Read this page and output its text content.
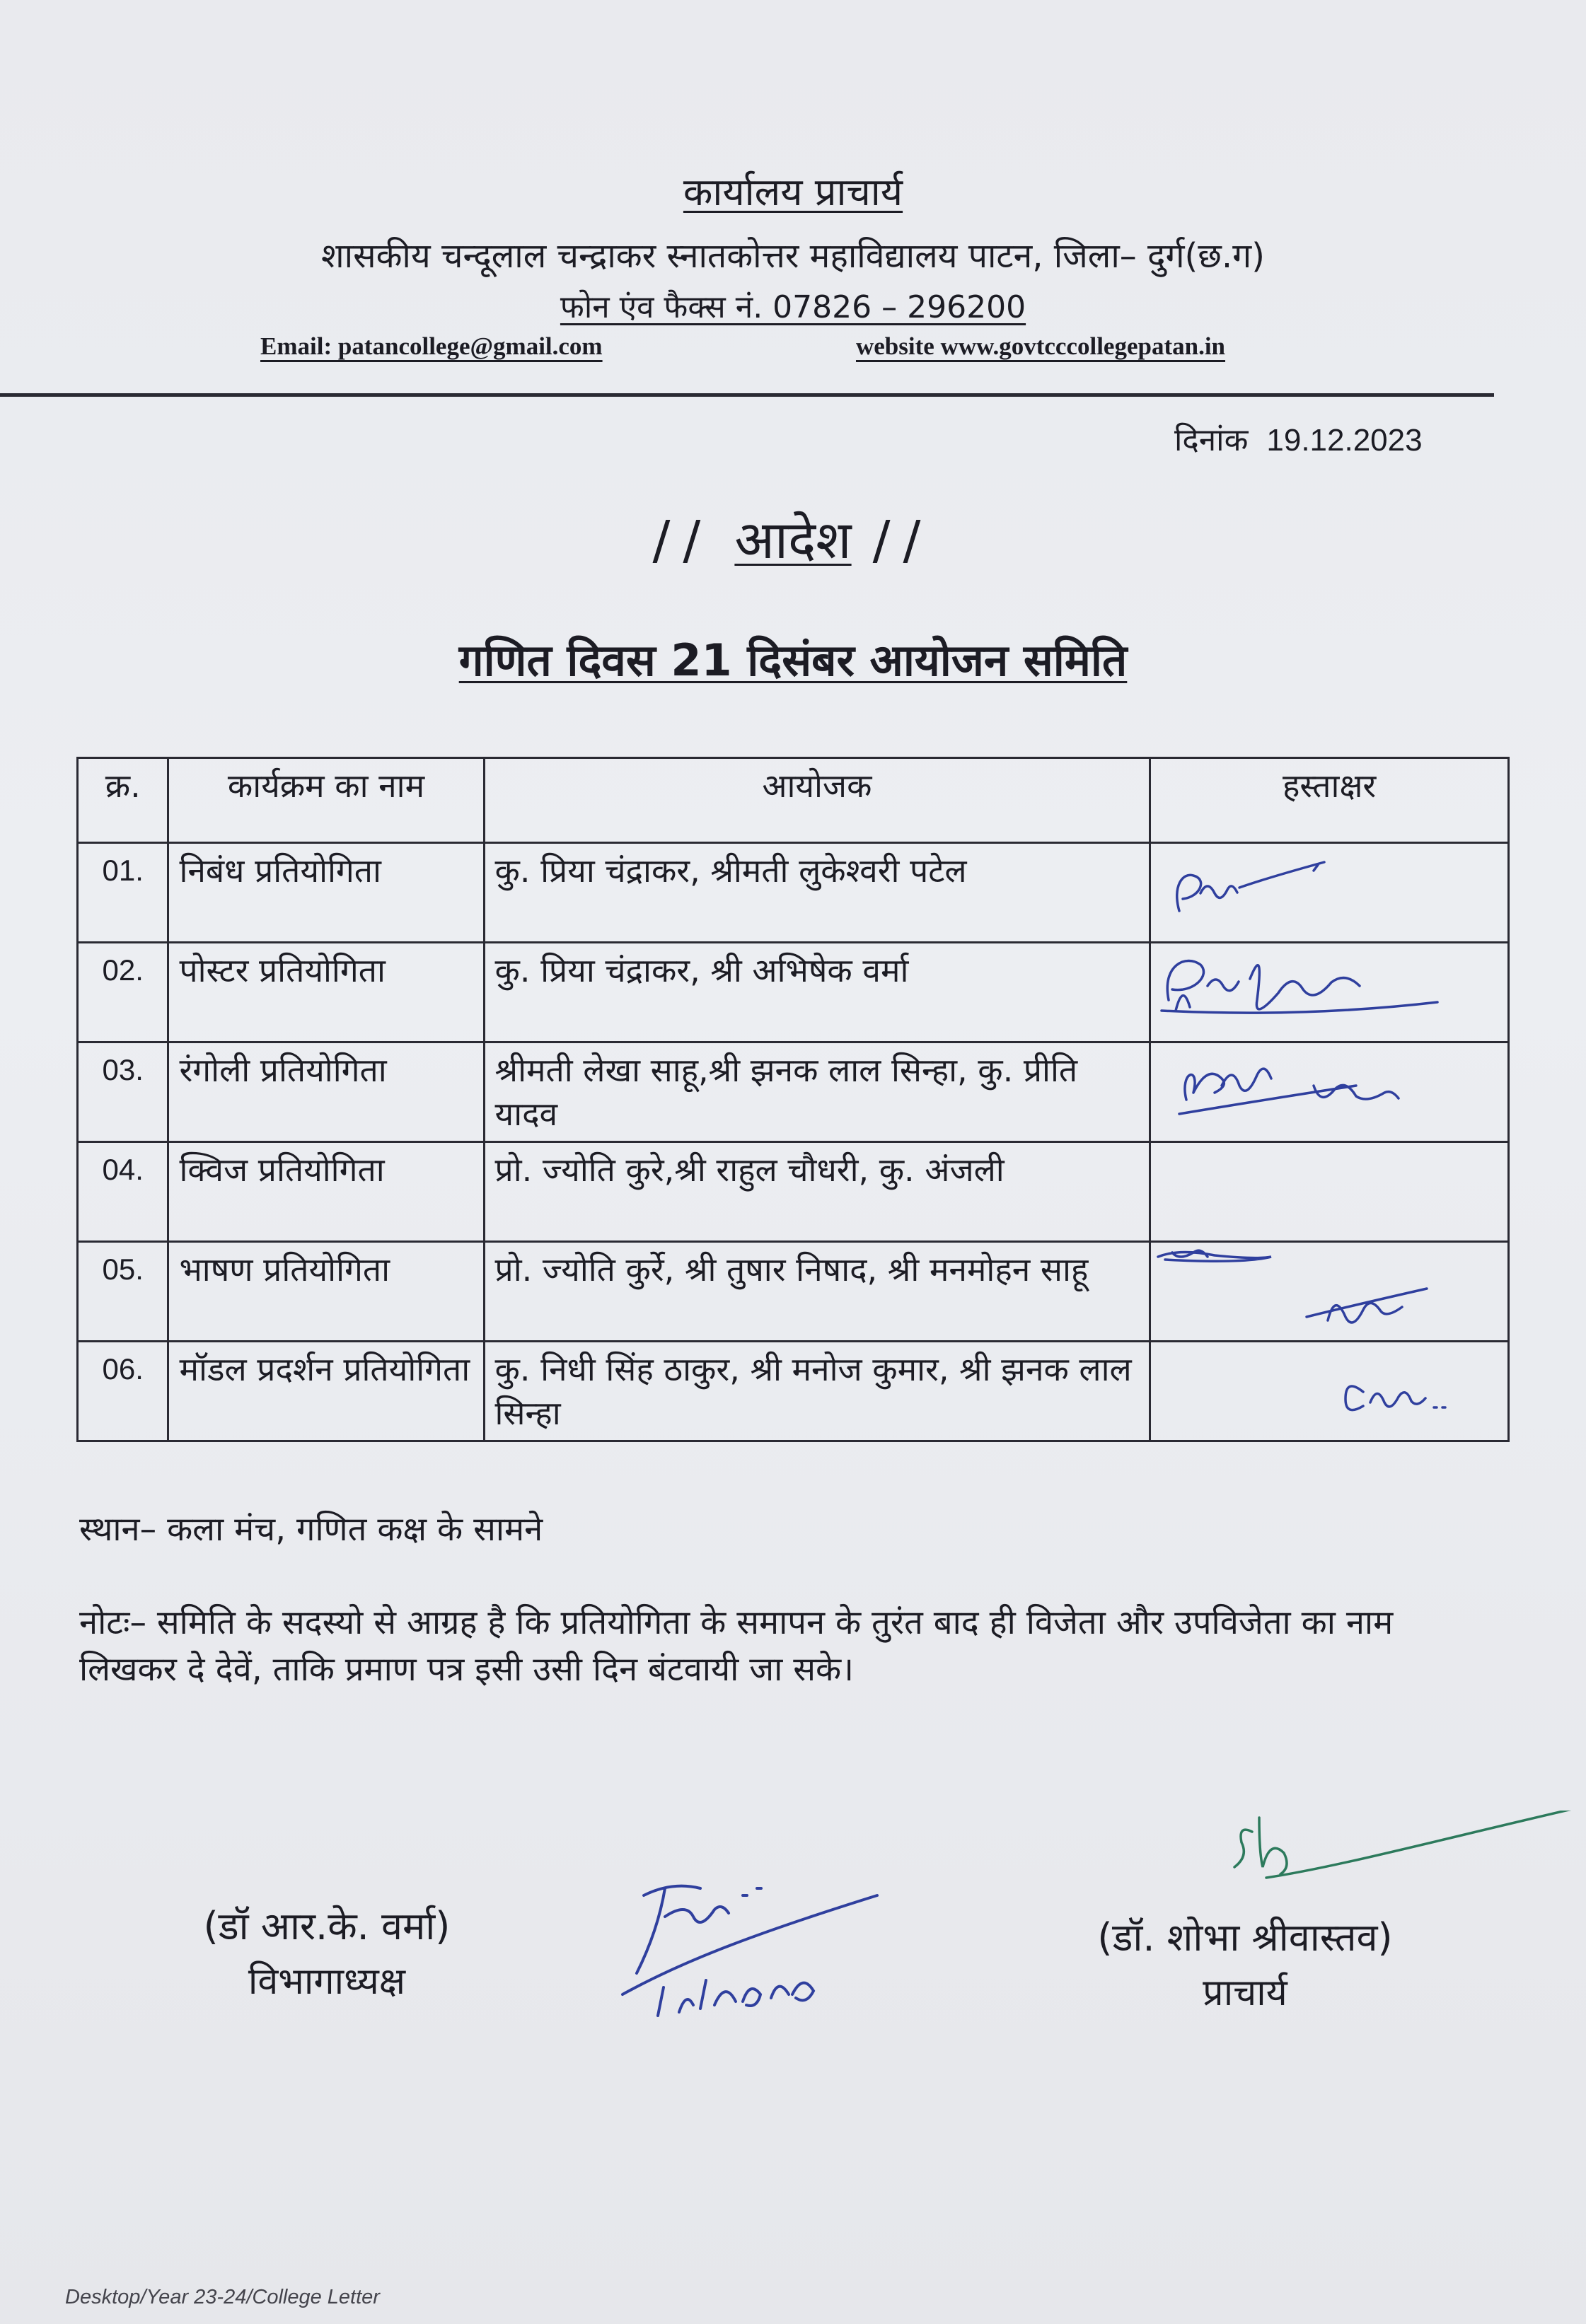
कार्यालय प्राचार्य
शासकीय चन्दूलाल चन्द्राकर स्नातकोत्तर महाविद्यालय पाटन, जिला– दुर्ग(छ.ग)
फोन एंव फैक्स नं. 07826 – 296200
Email: patancollege@gmail.com	website www.govtcccollegepatan.in
दिनांक 19.12.2023
// आदेश //
गणित दिवस 21 दिसंबर आयोजन समिति
क्र.	कार्यक्रम का नाम	आयोजक	हस्ताक्षर
01.	निबंध प्रतियोगिता	कु. प्रिया चंद्राकर, श्रीमती लुकेश्वरी पटेल	

02.	पोस्टर प्रतियोगिता	कु. प्रिया चंद्राकर, श्री अभिषेक वर्मा	

03.	रंगोली प्रतियोगिता	श्रीमती लेखा साहू,श्री झनक लाल सिन्हा, कु. प्रीति यादव	

04.	क्विज प्रतियोगिता	प्रो. ज्योति कुरे,श्री राहुल चौधरी, कु. अंजली	
05.	भाषण प्रतियोगिता	प्रो. ज्योति कुर्रे, श्री तुषार निषाद, श्री मनमोहन साहू	

06.	मॉडल प्रदर्शन प्रतियोगिता	कु. निधी सिंह ठाकुर, श्री मनोज कुमार, श्री झनक लाल सिन्हा	
स्थान– कला मंच, गणित कक्ष के सामने
नोटः– समिति के सदस्यो से आग्रह है कि प्रतियोगिता के समापन के तुरंत बाद ही विजेता और उपविजेता का नाम लिखकर दे देवें, ताकि प्रमाण पत्र इसी उसी दिन बंटवायी जा सके।
(डॉ आर.के. वर्मा)
विभागाध्यक्ष
(डॉ. शोभा श्रीवास्तव)
प्राचार्य
Desktop/Year 23-24/College Letter
